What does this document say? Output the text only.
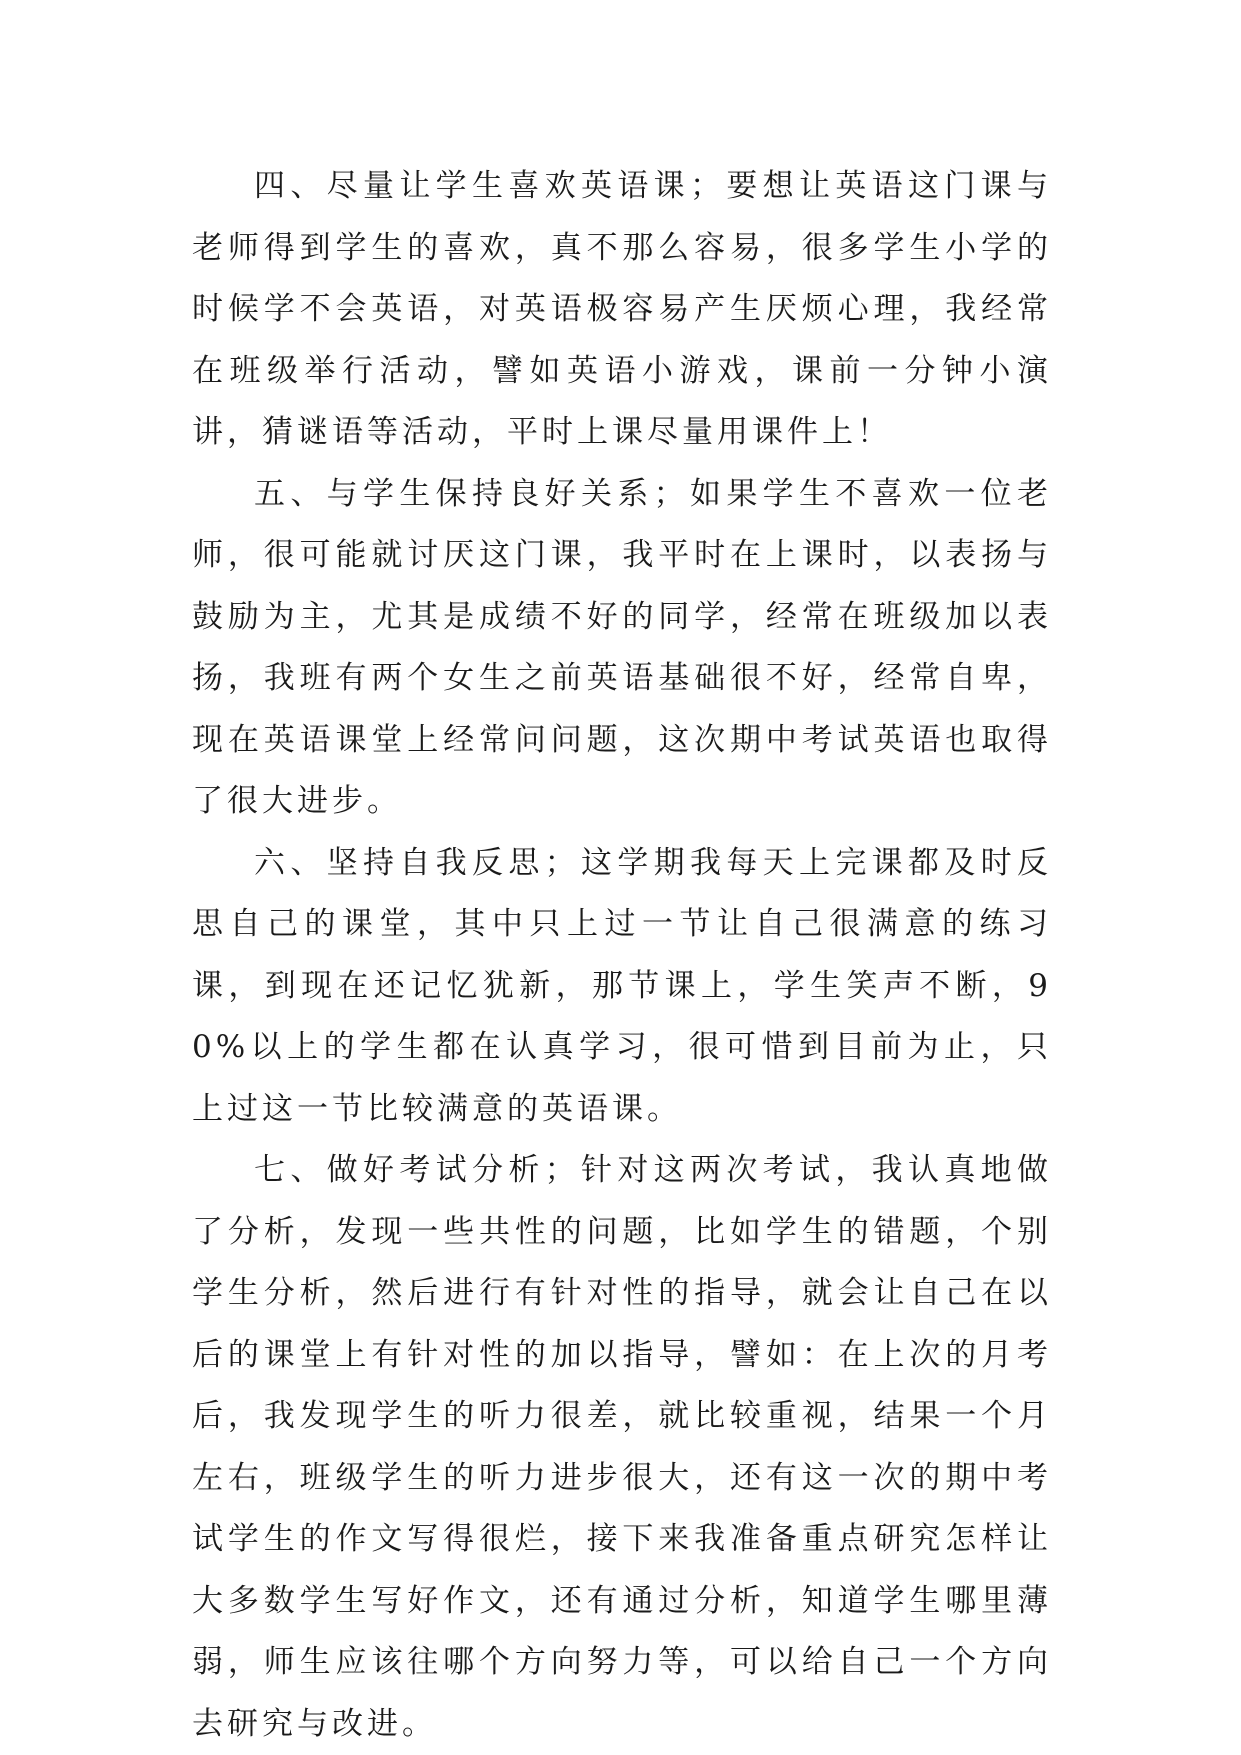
四、尽量让学生喜欢英语课；要想让英语这门课与老师得到学生的喜欢，真不那么容易，很多学生小学的时候学不会英语，对英语极容易产生厌烦心理，我经常在班级举行活动，譬如英语小游戏，课前一分钟小演讲，猜谜语等活动，平时上课尽量用课件上！

五、与学生保持良好关系；如果学生不喜欢一位老师，很可能就讨厌这门课，我平时在上课时，以表扬与鼓励为主，尤其是成绩不好的同学，经常在班级加以表扬，我班有两个女生之前英语基础很不好，经常自卑，现在英语课堂上经常问问题，这次期中考试英语也取得了很大进步。

六、坚持自我反思；这学期我每天上完课都及时反思自己的课堂，其中只上过一节让自己很满意的练习课，到现在还记忆犹新，那节课上，学生笑声不断，90%以上的学生都在认真学习，很可惜到目前为止，只上过这一节比较满意的英语课。

七、做好考试分析；针对这两次考试，我认真地做了分析，发现一些共性的问题，比如学生的错题，个别学生分析，然后进行有针对性的指导，就会让自己在以后的课堂上有针对性的加以指导，譬如：在上次的月考后，我发现学生的听力很差，就比较重视，结果一个月左右，班级学生的听力进步很大，还有这一次的期中考试学生的作文写得很烂，接下来我准备重点研究怎样让大多数学生写好作文，还有通过分析，知道学生哪里薄弱，师生应该往哪个方向努力等，可以给自己一个方向去研究与改进。
